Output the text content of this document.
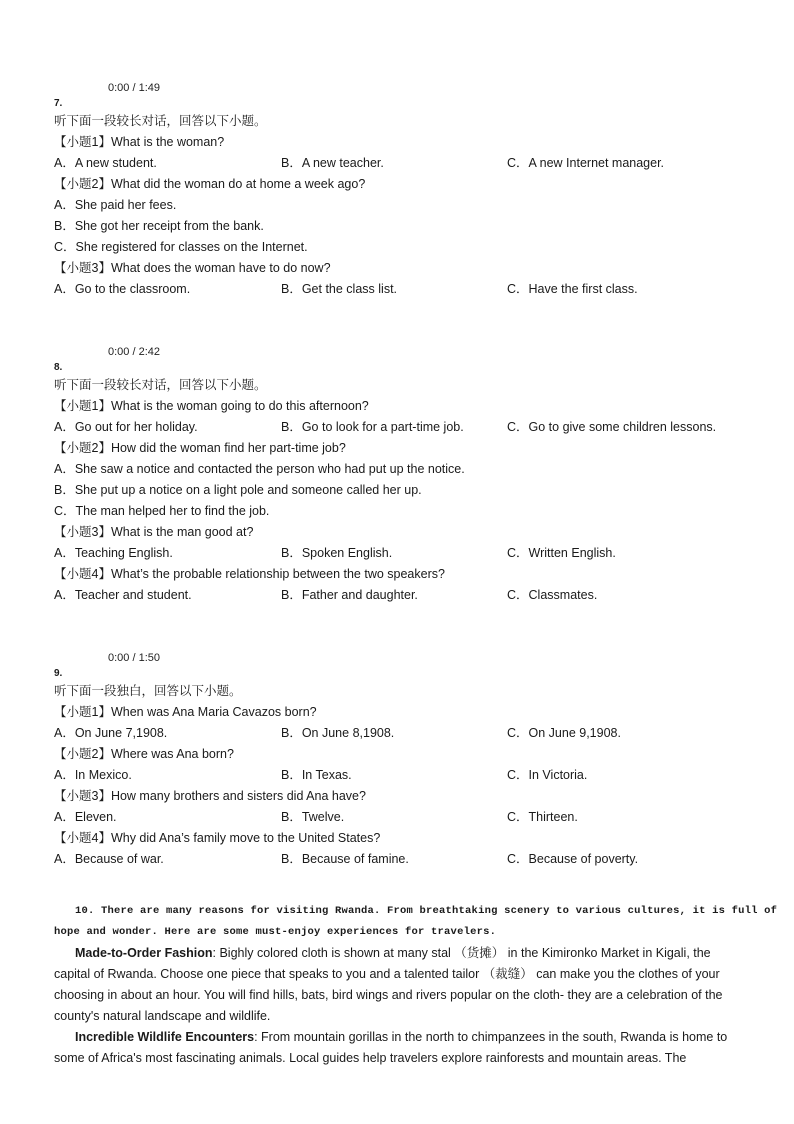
0:00 / 1:49
7.
听下面一段较长对话，回答以下小题。
【小题1】What is the woman?
A．A new student.	B．A new teacher.	C．A new Internet manager.
【小题2】What did the woman do at home a week ago?
A．She paid her fees.
B．She got her receipt from the bank.
C．She registered for classes on the Internet.
【小题3】What does the woman have to do now?
A．Go to the classroom.	B．Get the class list.	C．Have the first class.
0:00 / 2:42
8.
听下面一段较长对话，回答以下小题。
【小题1】What is the woman going to do this afternoon?
A．Go out for her holiday.	B．Go to look for a part-time job.	C．Go to give some children lessons.
【小题2】How did the woman find her part-time job?
A．She saw a notice and contacted the person who had put up the notice.
B．She put up a notice on a light pole and someone called her up.
C．The man helped her to find the job.
【小题3】What is the man good at?
A．Teaching English.	B．Spoken English.	C．Written English.
【小题4】What’s the probable relationship between the two speakers?
A．Teacher and student.	B．Father and daughter.	C．Classmates.
0:00 / 1:50
9.
听下面一段独白，回答以下小题。
【小题1】When was Ana Maria Cavazos born?
A．On June 7,1908.	B．On June 8,1908.	C．On June 9,1908.
【小题2】Where was Ana born?
A．In Mexico.	B．In Texas.	C．In Victoria.
【小题3】How many brothers and sisters did Ana have?
A．Eleven.	B．Twelve.	C．Thirteen.
【小题4】Why did Ana’s family move to the United States?
A．Because of war.	B．Because of famine.	C．Because of poverty.
10. There are many reasons for visiting Rwanda. From breathtaking scenery to various cultures, it is full of
hope and wonder. Here are some must-enjoy experiences for travelers.
Made-to-Order Fashion: Bighly colored cloth is shown at many stal （货摊） in the Kimironko Market in Kigali, the capital of Rwanda. Choose one piece that speaks to you and a talented tailor （裁缝） can make you the clothes of your choosing in about an hour. You will find hills, bats, bird wings and rivers popular on the cloth- they are a celebration of the county's natural landscape and wildlife.
Incredible Wildlife Encounters: From mountain gorillas in the north to chimpanzees in the south, Rwanda is home to some of Africa's most fascinating animals. Local guides help travelers explore rainforests and mountain areas. The
